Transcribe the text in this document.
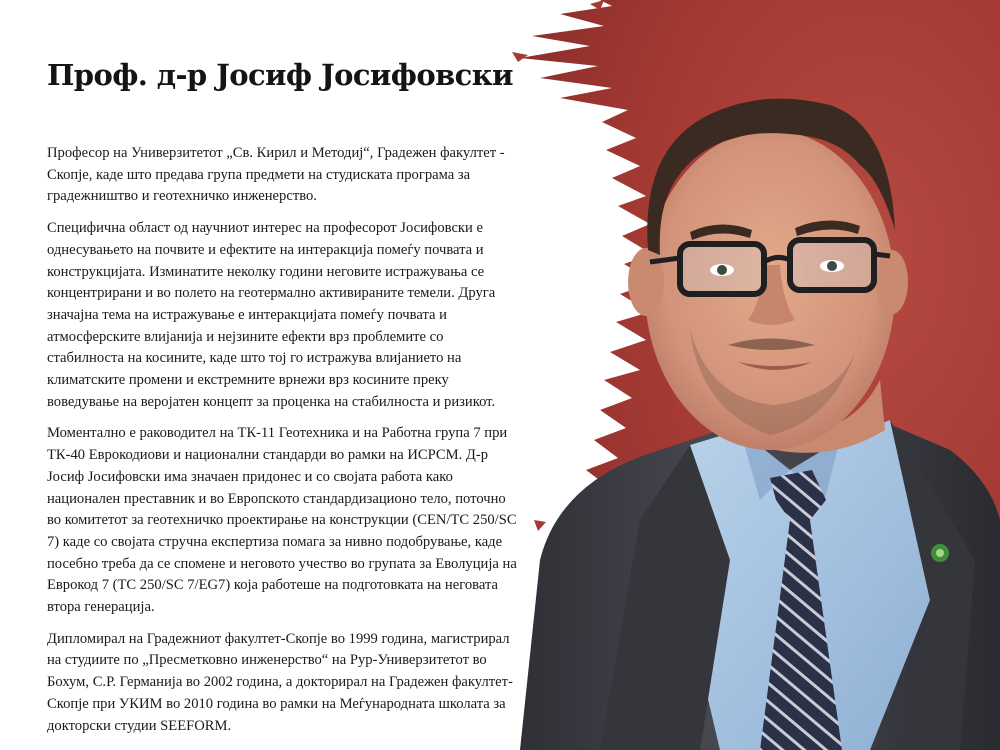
Проф. д-р Јосиф Јосифовски

Професор на Универзитетот „Св. Кирил и Методиј“, Градежен факултет - Скопје, каде што предава група предмети на студиската програма за градежништво и геотехничко инженерство.

Специфична област од научниот интерес на професорот Јосифовски е однесувањето на почвите и ефектите на интеракција помеѓу почвата и конструкцијата. Изминатите неколку години неговите истражувања се концентрирани и во полето на геотермално активираните темели. Друга значајна тема на истражување е интеракцијата помеѓу почвата и атмосферските влијанија и нејзините ефекти врз проблемите со стабилноста на косините, каде што тој го истражува влијанието на климатските промени и екстремните врнежи врз косините преку воведување на веројатен концепт за проценка на стабилноста и ризикот.

Моментално е раководител на ТК-11 Геотехника и на Работна група 7 при ТК-40 Еврокодиови и национални стандарди во рамки на ИСРСМ. Д-р Јосиф Јосифовски има значаен придонес и со својата работа како национален преставник и во Европското стандардизационо тело, поточно во комитетот за геотехничко проектирање на конструкции (CEN/TC 250/SC 7) каде со својата стручна експертиза помага за нивно подобрување, каде посебно треба да се спомене и неговото учество во групата за Еволуција на Еврокод 7 (TC 250/SC 7/EG7) која работеше на подготовката на неговата втора генерација.

Дипломирал на Градежниот факултет-Скопје во 1999 година, магистрирал на студиите по „Пресметковно инженерство“ на Рур-Универзитетот во Бохум, С.Р. Германија во 2002 година, а докторирал на Градежен факултет-Скопје при УКИМ во 2010 година во рамки на Меѓународната школата за докторски студии SEEFORM.
